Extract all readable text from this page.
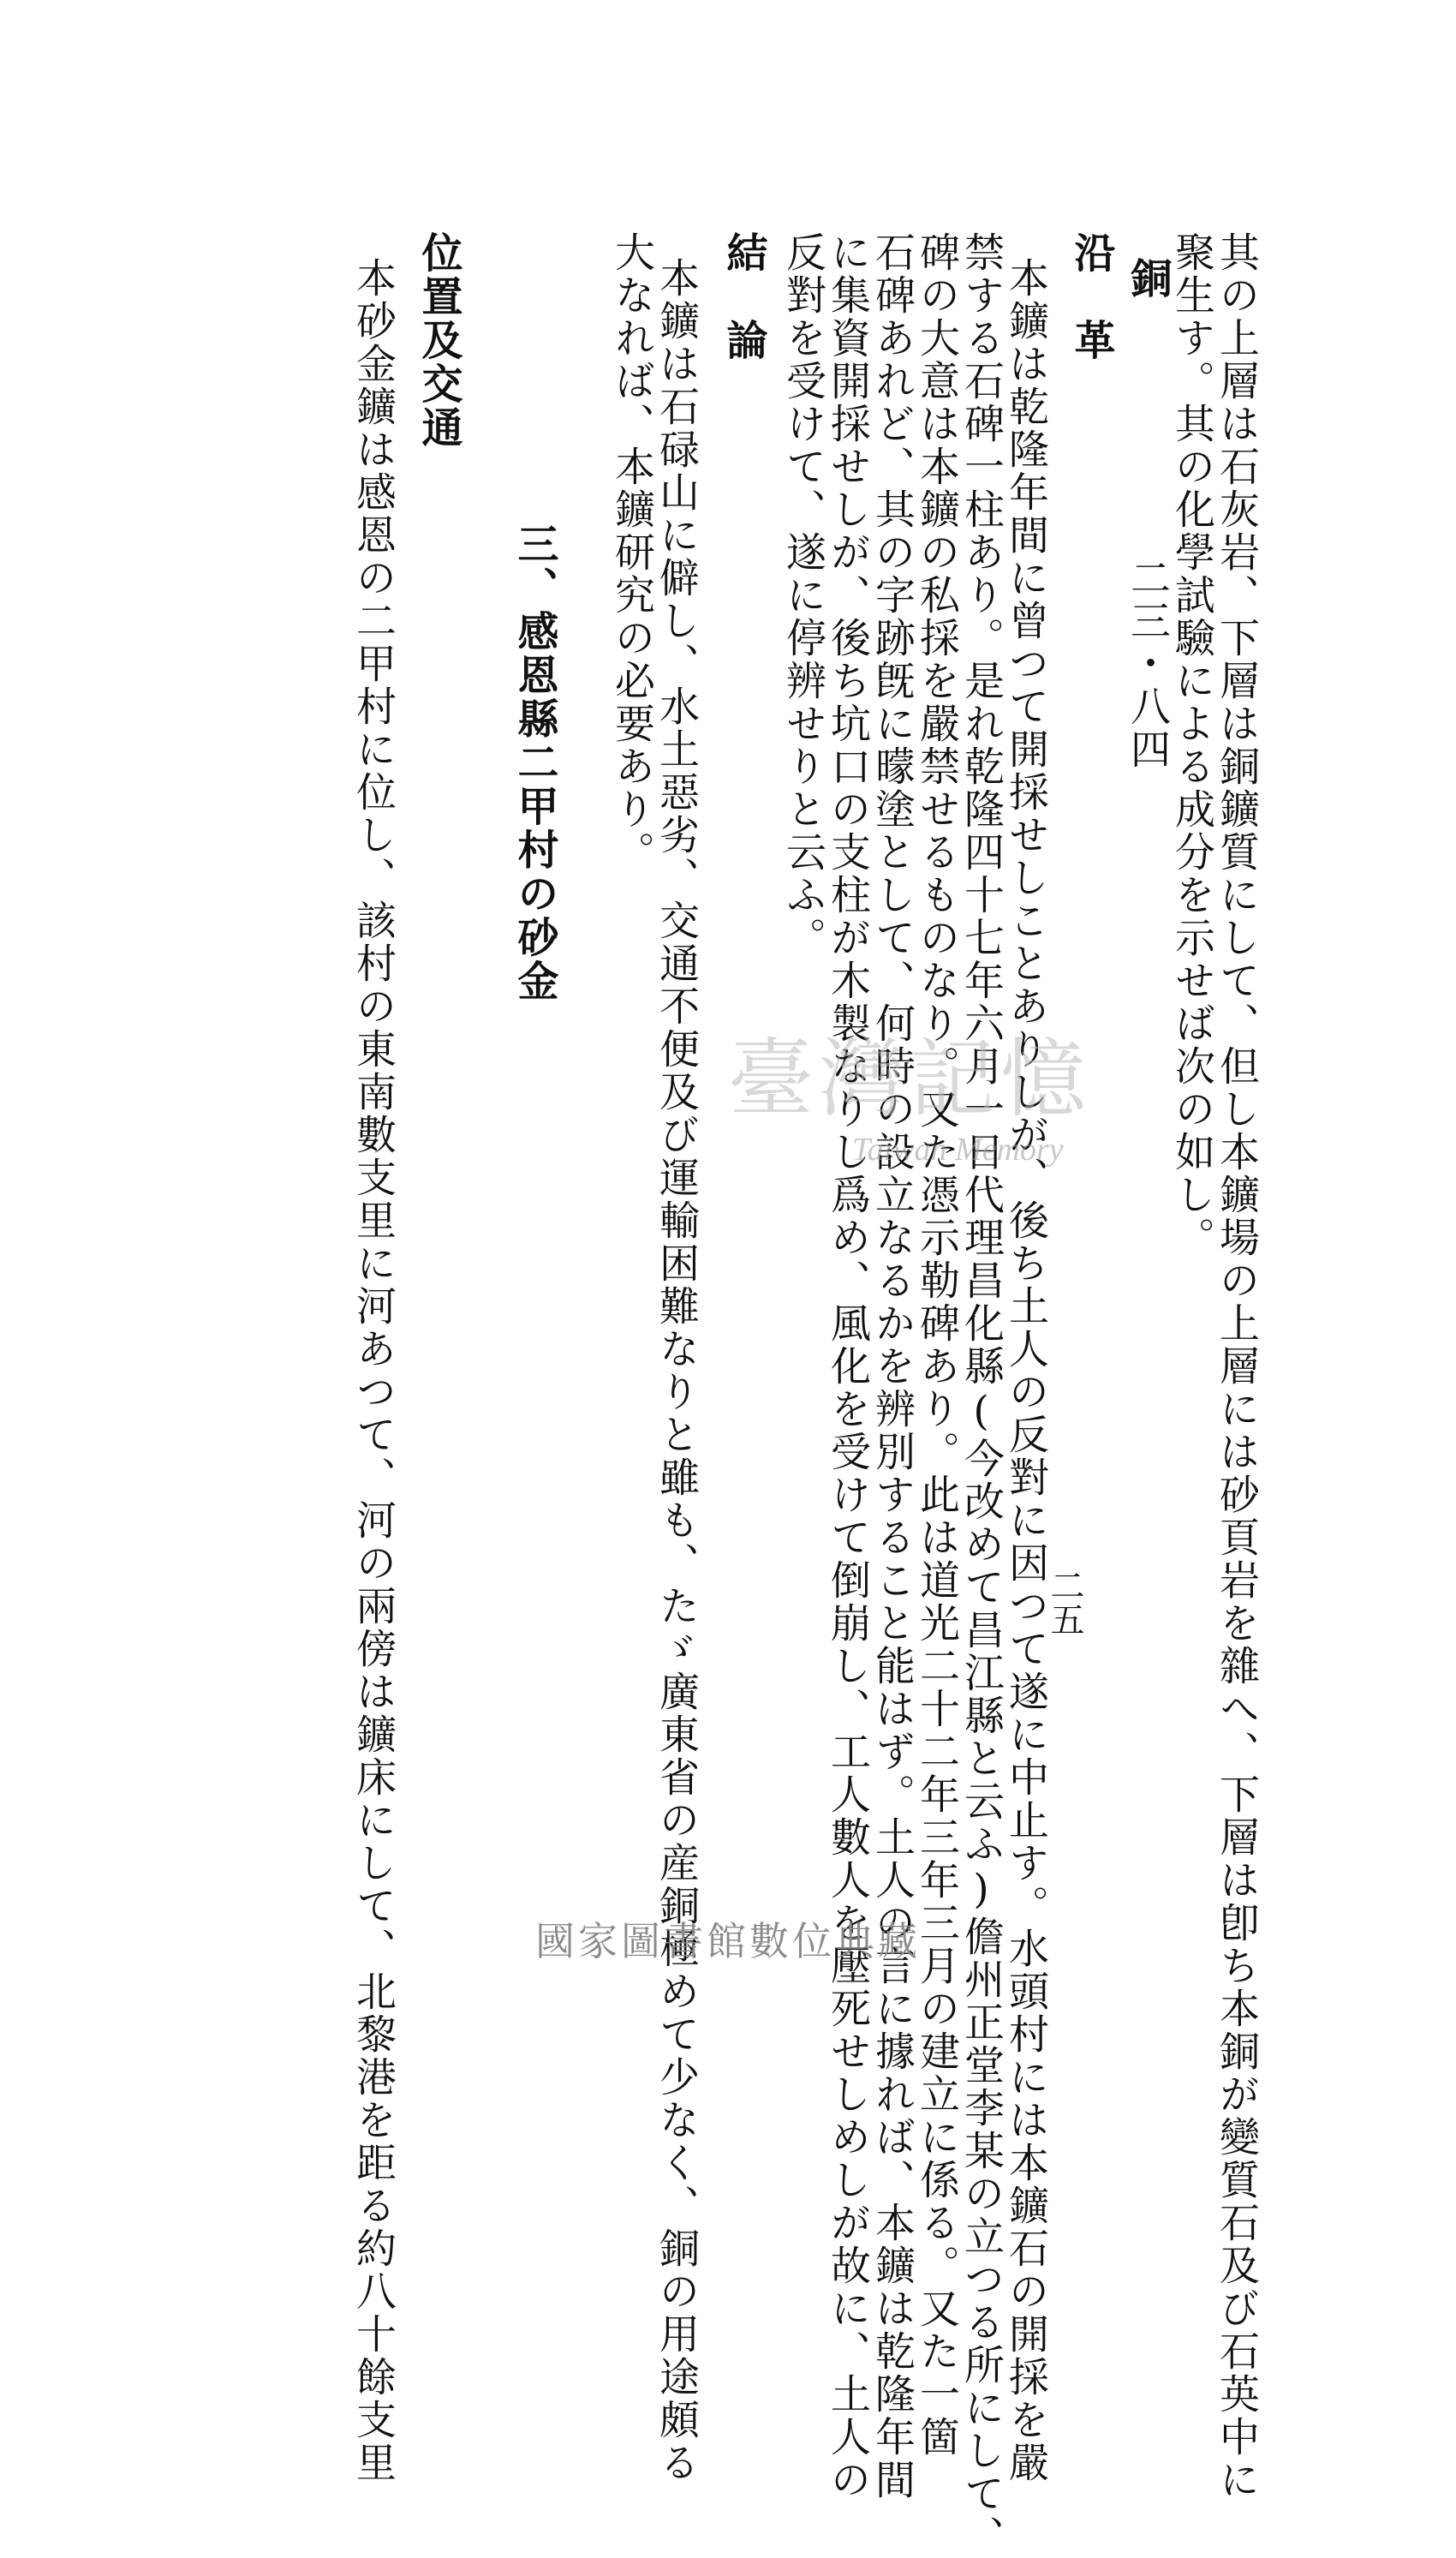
其の上層は石灰岩、下層は銅鑛質にして、但し本鑛場の上層には砂頁岩を雜へ、下層は卽ち本銅が變質石及び石英中に
聚生す。其の化學試驗による成分を示せば次の如し。
銅
二三・八四
沿　革
本鑛は乾隆年間に曾つて開採せしことありしが、後ち土人の反對に因つて遂に中止す。水頭村には本鑛石の開採を嚴
禁する石碑一柱あり。是れ乾隆四十七年六月一日代理昌化縣(今改めて昌江縣と云ふ)儋州正堂李某の立つる所にして、
碑の大意は本鑛の私採を嚴禁せるものなり。又た憑示勒碑あり。此は道光二十二年三年三月の建立に係る。又た一箇
石碑あれど、其の字跡旣に曚塗として、何時の設立なるかを辨別すること能はず。土人の言に據れば、本鑛は乾隆年間
に集資開採せしが、後ち坑口の支柱が木製なりし爲め、風化を受けて倒崩し、工人數人を壓死せしめしが故に、土人の
反對を受けて、遂に停辨せりと云ふ。
結　論
本鑛は石碌山に僻し、水土惡劣、交通不便及び運輸困難なりと雖も、たゞ廣東省の産銅極めて少なく、銅の用途頗る
大なれば、本鑛研究の必要あり。
三、感恩縣二甲村の砂金
位置及交通
本砂金鑛は感恩の二甲村に位し、該村の東南數支里に河あつて、河の兩傍は鑛床にして、北黎港を距る約八十餘支里	二五
臺灣記憶
Taiwan Memory
國家圖書館數位典藏
